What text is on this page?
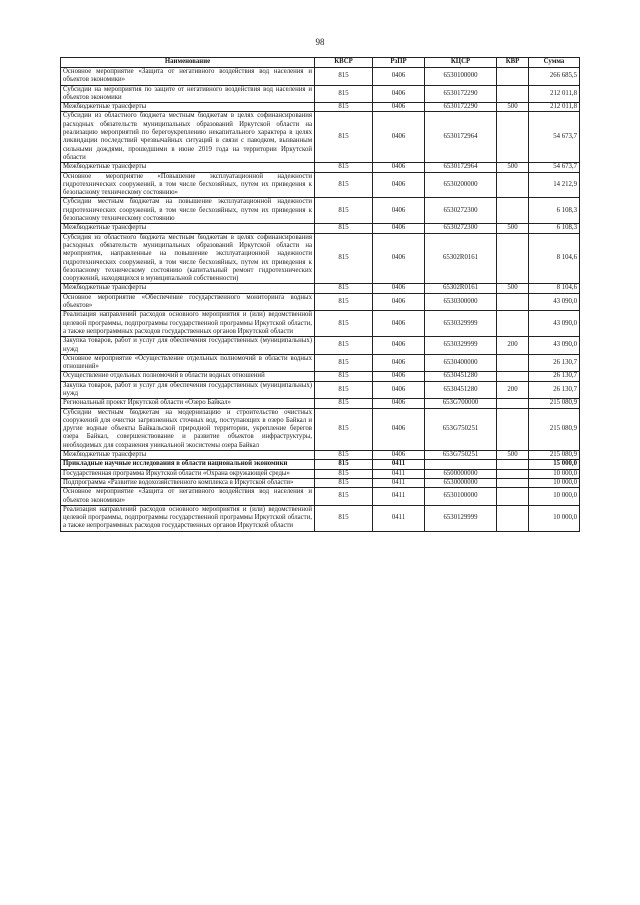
98
Наименование	КВСР	РзПР	КЦСР	КВР	Сумма
Основное мероприятие «Защита от негативного воздействия вод населения и объектов экономики»	815	0406	6530100000		266 685,5
Субсидии на мероприятия по защите от негативного воздействия вод населения и объектов экономики	815	0406	6530172290		212 011,8
Межбюджетные трансферты	815	0406	6530172290	500	212 011,8
Субсидии из областного бюджета местным бюджетам в целях софинансирования расходных обязательств муниципальных образований Иркутской области на реализацию мероприятий по берегоукреплению некапитального характера в целях ликвидации последствий чрезвычайных ситуаций в связи с паводком, вызванным сильными дождями, прошедшими в июне 2019 года на территории Иркутской области	815	0406	6530172964		54 673,7
Межбюджетные трансферты	815	0406	6530172964	500	54 673,7
Основное мероприятие «Повышение эксплуатационной надежности гидротехнических сооружений, в том числе бесхозяйных, путем их приведения к безопасному техническому состоянию»	815	0406	6530200000		14 212,9
Субсидии местным бюджетам на повышение эксплуатационной надежности гидротехнических сооружений, в том числе бесхозяйных, путем их приведения к безопасному техническому состоянию	815	0406	6530272300		6 108,3
Межбюджетные трансферты	815	0406	6530272300	500	6 108,3
Субсидия из областного бюджета местным бюджетам в целях софинансирования расходных обязательств муниципальных образований Иркутской области на мероприятия, направленные на повышение эксплуатационной надежности гидротехнических сооружений, в том числе бесхозяйных, путем их приведения к безопасному техническому состоянию (капитальный ремонт гидротехнических сооружений, находящихся в муниципальной собственности)	815	0406	65302R0161		8 104,6
Межбюджетные трансферты	815	0406	65302R0161	500	8 104,6
Основное мероприятие «Обеспечение государственного мониторинга водных объектов»	815	0406	6530300000		43 090,0
Реализация направлений расходов основного мероприятия и (или) ведомственной целевой программы, подпрограммы государственной программы Иркутской области, а также непрограммных расходов государственных органов Иркутской области	815	0406	6530329999		43 090,0
Закупка товаров, работ и услуг для обеспечения государственных (муниципальных) нужд	815	0406	6530329999	200	43 090,0
Основное мероприятие «Осуществление отдельных полномочий в области водных отношений»	815	0406	6530400000		26 130,7
Осуществление отдельных полномочий в области водных отношений	815	0406	6530451280		26 130,7
Закупка товаров, работ и услуг для обеспечения государственных (муниципальных) нужд	815	0406	6530451280	200	26 130,7
Региональный проект Иркутской области «Озеро Байкал»	815	0406	653G700000		215 080,9
Субсидии местным бюджетам на модернизацию и строительство очистных сооружений для очистки загрязненных сточных вод, поступающих в озеро Байкал и другие водные объекты Байкальской природной территории, укрепление берегов озера Байкал, совершенствование и развитие объектов инфраструктуры, необходимых для сохранения уникальной экосистемы озера Байкал	815	0406	653G750251		215 080,9
Межбюджетные трансферты	815	0406	653G750251	500	215 080,9
Прикладные научные исследования в области национальной экономики	815	0411			15 000,0
Государственная программа Иркутской области «Охрана окружающей среды»	815	0411	6500000000		10 000,0
Подпрограмма «Развитие водохозяйственного комплекса в Иркутской области»	815	0411	6530000000		10 000,0
Основное мероприятие «Защита от негативного воздействия вод населения и объектов экономики»	815	0411	6530100000		10 000,0
Реализация направлений расходов основного мероприятия и (или) ведомственной целевой программы, подпрограммы государственной программы Иркутской области, а также непрограммных расходов государственных органов Иркутской области	815	0411	6530129999		10 000,0
